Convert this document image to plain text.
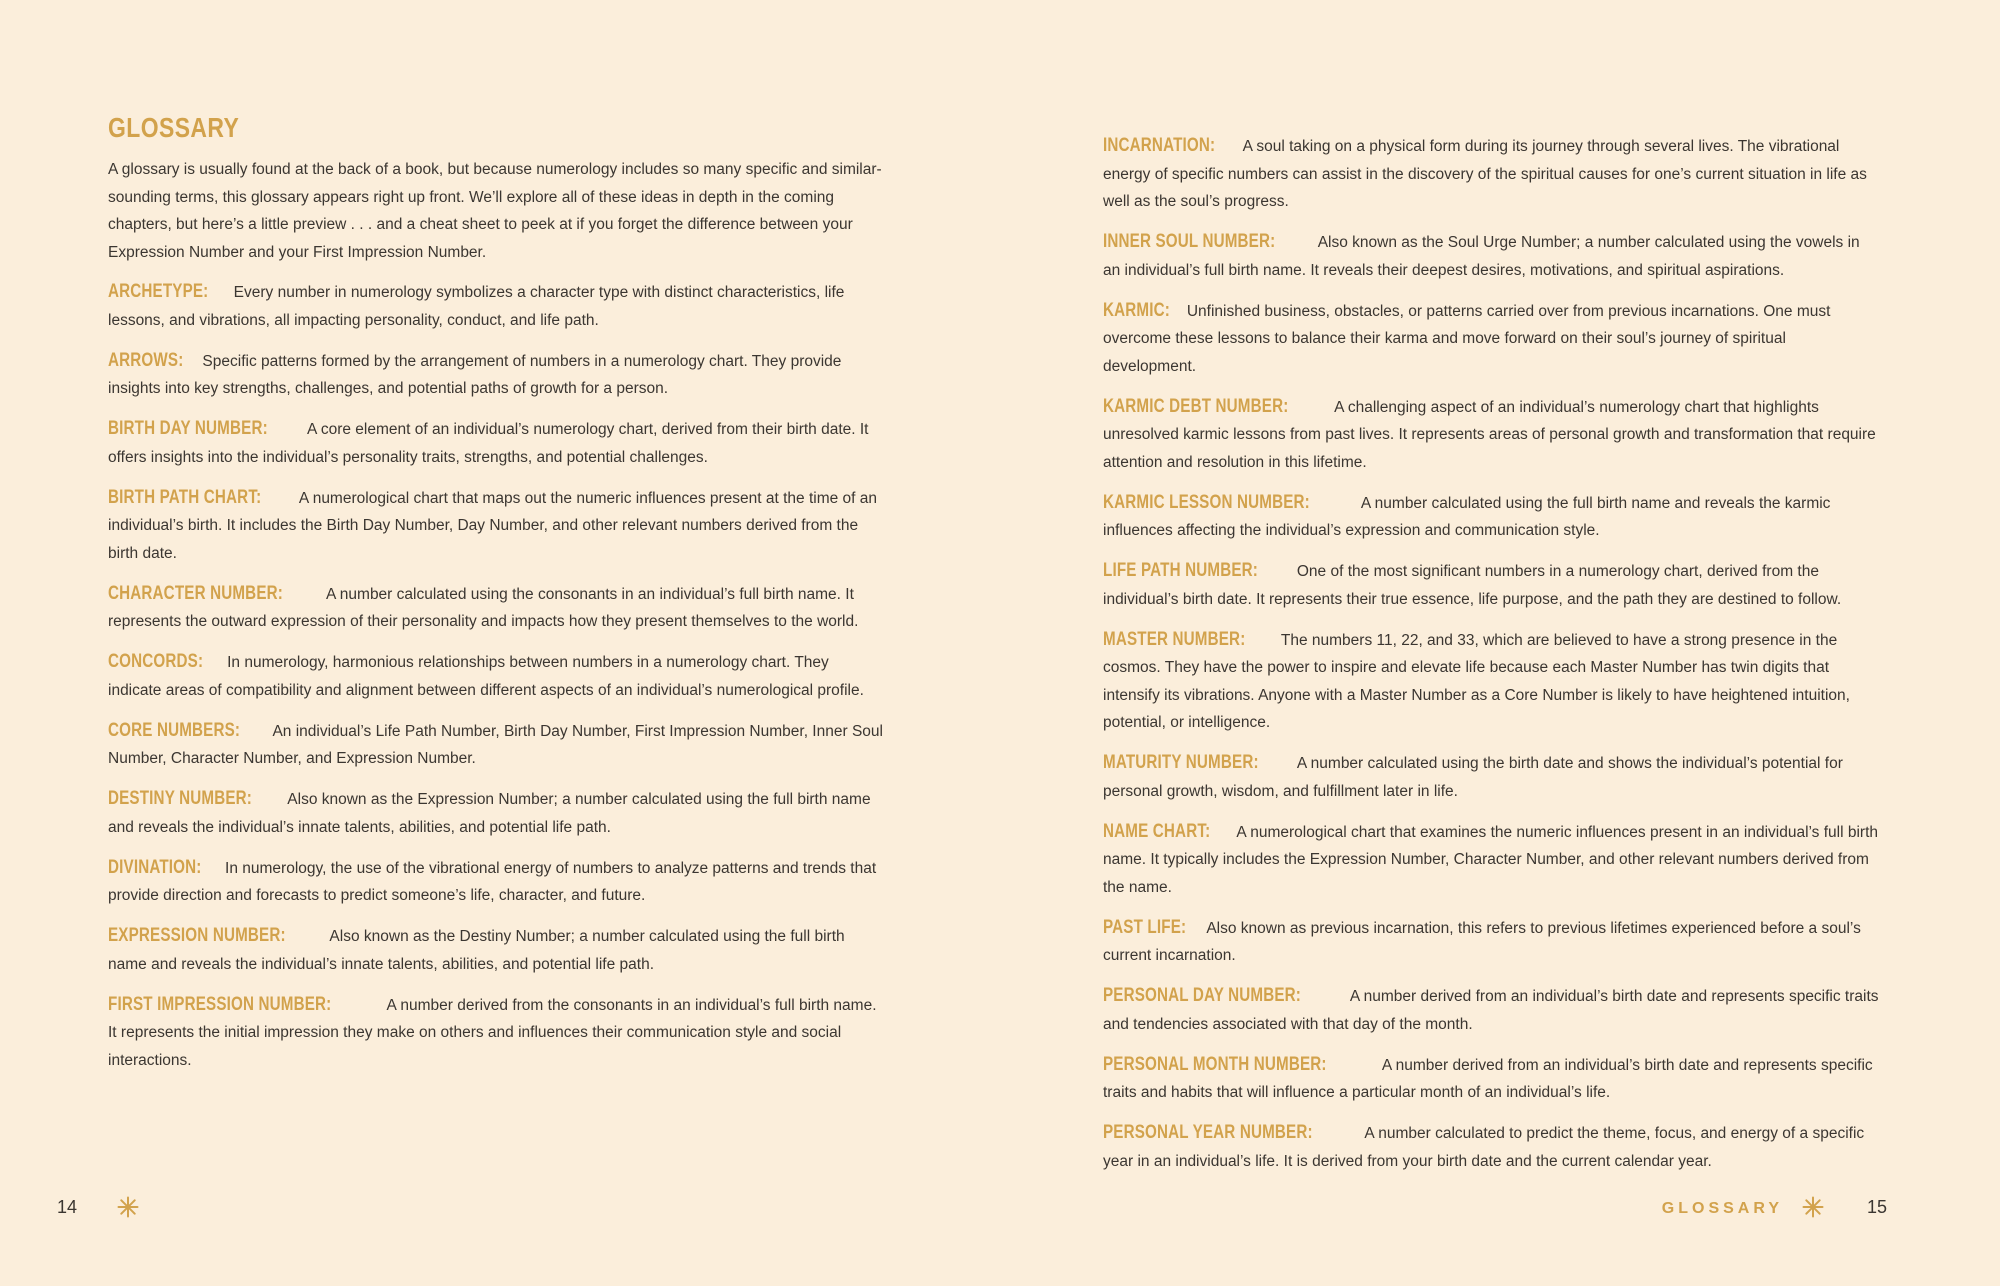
GLOSSARY

A glossary is usually found at the back of a book, but because numerology includes so many specific and similar-sounding terms, this glossary appears right up front. We’ll explore all of these ideas in depth in the coming chapters, but here’s a little preview . . . and a cheat sheet to peek at if you forget the difference between your Expression Number and your First Impression Number.

ARCHETYPE: Every number in numerology symbolizes a character type with distinct characteristics, life lessons, and vibrations, all impacting personality, conduct, and life path.

ARROWS: Specific patterns formed by the arrangement of numbers in a numerology chart. They provide insights into key strengths, challenges, and potential paths of growth for a person.

BIRTH DAY NUMBER:	A core element of an individual’s numerology chart, derived from their birth date. It offers insights into the individual’s personality traits, strengths, and potential challenges.

BIRTH PATH CHART: A numerological chart that maps out the numeric influences present at the time of an individual’s birth. It includes the Birth Day Number, Day Number, and other relevant numbers derived from the birth date.

CHARACTER NUMBER:	A number calculated using the consonants in an individual’s full birth name. It represents the outward expression of their personality and impacts how they present themselves to the world.

CONCORDS: In numerology, harmonious relationships between numbers in a numerology chart. They indicate areas of compatibility and alignment between different aspects of an individual’s numerological profile.

CORE NUMBERS: An individual’s Life Path Number, Birth Day Number, First Impression Number, Inner Soul Number, Character Number, and Expression Number.

DESTINY NUMBER: Also known as the Expression Number; a number calculated using the full birth name and reveals the individual’s innate talents, abilities, and potential life path.

DIVINATION: In numerology, the use of the vibrational energy of numbers to analyze patterns and trends that provide direction and forecasts to predict someone’s life, character, and future.

EXPRESSION NUMBER:	Also known as the Destiny Number; a number calculated using the full birth name and reveals the individual’s innate talents, abilities, and potential life path.

FIRST IMPRESSION NUMBER:	A number derived from the consonants in an individual’s full birth name. It represents the initial impression they make on others and influences their communication style and social interactions.

14

INCARNATION: A soul taking on a physical form during its journey through several lives. The vibrational energy of specific numbers can assist in the discovery of the spiritual causes for one’s current situation in life as well as the soul’s progress.

INNER SOUL NUMBER:	Also known as the Soul Urge Number; a number calculated using the vowels in an individual’s full birth name. It reveals their deepest desires, motivations, and spiritual aspirations.

KARMIC: Unfinished business, obstacles, or patterns carried over from previous incarnations. One must overcome these lessons to balance their karma and move forward on their soul’s journey of spiritual development.

KARMIC DEBT NUMBER:	A challenging aspect of an individual’s numerology chart that highlights unresolved karmic lessons from past lives. It represents areas of personal growth and transformation that require attention and resolution in this lifetime.

KARMIC LESSON NUMBER:	A number calculated using the full birth name and reveals the karmic influences affecting the individual’s expression and communication style.

LIFE PATH NUMBER:	One of the most significant numbers in a numerology chart, derived from the individual’s birth date. It represents their true essence, life purpose, and the path they are destined to follow.

MASTER NUMBER: The numbers 11, 22, and 33, which are believed to have a strong presence in the cosmos. They have the power to inspire and elevate life because each Master Number has twin digits that intensify its vibrations. Anyone with a Master Number as a Core Number is likely to have heightened intuition, potential, or intelligence.

MATURITY NUMBER: A number calculated using the birth date and shows the individual’s potential for personal growth, wisdom, and fulfillment later in life.

NAME CHART: A numerological chart that examines the numeric influences present in an individual’s full birth name. It typically includes the Expression Number, Character Number, and other relevant numbers derived from the name.

PAST LIFE: Also known as previous incarnation, this refers to previous lifetimes experienced before a soul’s current incarnation.

PERSONAL DAY NUMBER:	A number derived from an individual’s birth date and represents specific traits and tendencies associated with that day of the month.

PERSONAL MONTH NUMBER:	A number derived from an individual’s birth date and represents specific traits and habits that will influence a particular month of an individual’s life.

PERSONAL YEAR NUMBER:	A number calculated to predict the theme, focus, and energy of a specific year in an individual’s life. It is derived from your birth date and the current calendar year.

GLOSSARY	15
